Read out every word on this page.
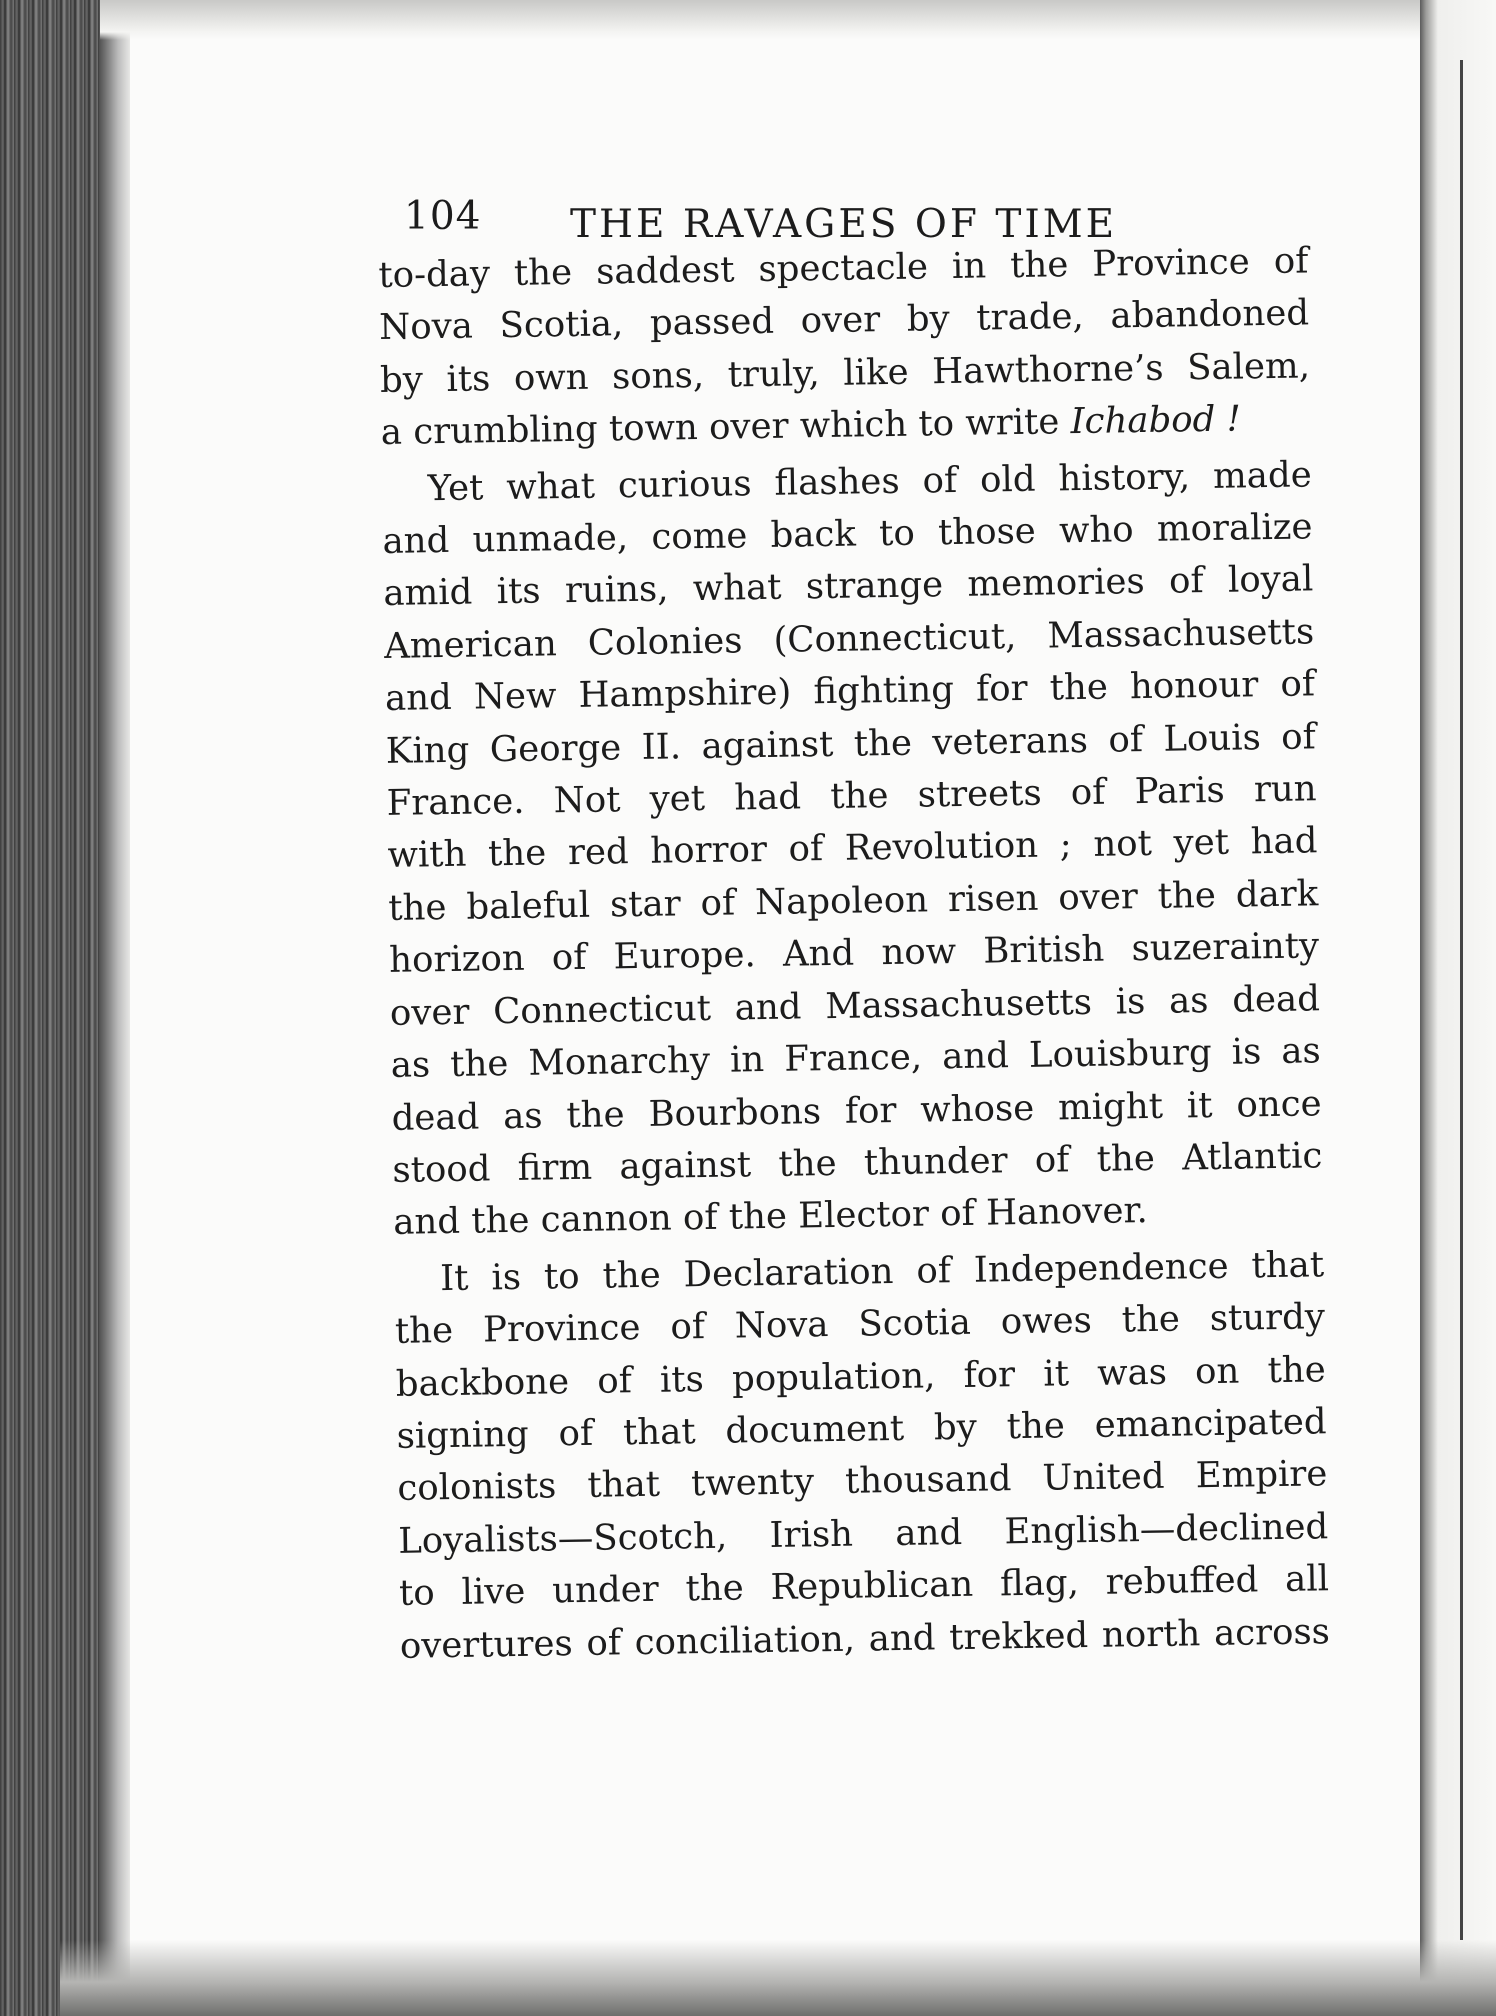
104 THE RAVAGES OF TIME
to-day the saddest spectacle in the Province of
Nova Scotia, passed over by trade, abandoned
by its own sons, truly, like Hawthorne’s Salem,
a crumbling town over which to write Ichabod !
Yet what curious flashes of old history, made
and unmade, come back to those who moralize
amid its ruins, what strange memories of loyal
American Colonies (Connecticut, Massachusetts
and New Hampshire) fighting for the honour of
King George II. against the veterans of Louis of
France. Not yet had the streets of Paris run
with the red horror of Revolution ; not yet had
the baleful star of Napoleon risen over the dark
horizon of Europe. And now British suzerainty
over Connecticut and Massachusetts is as dead
as the Monarchy in France, and Louisburg is as
dead as the Bourbons for whose might it once
stood firm against the thunder of the Atlantic
and the cannon of the Elector of Hanover.
It is to the Declaration of Independence that
the Province of Nova Scotia owes the sturdy
backbone of its population, for it was on the
signing of that document by the emancipated
colonists that twenty thousand United Empire
Loyalists—Scotch, Irish and English—declined
to live under the Republican flag, rebuffed all
overtures of conciliation, and trekked north across
